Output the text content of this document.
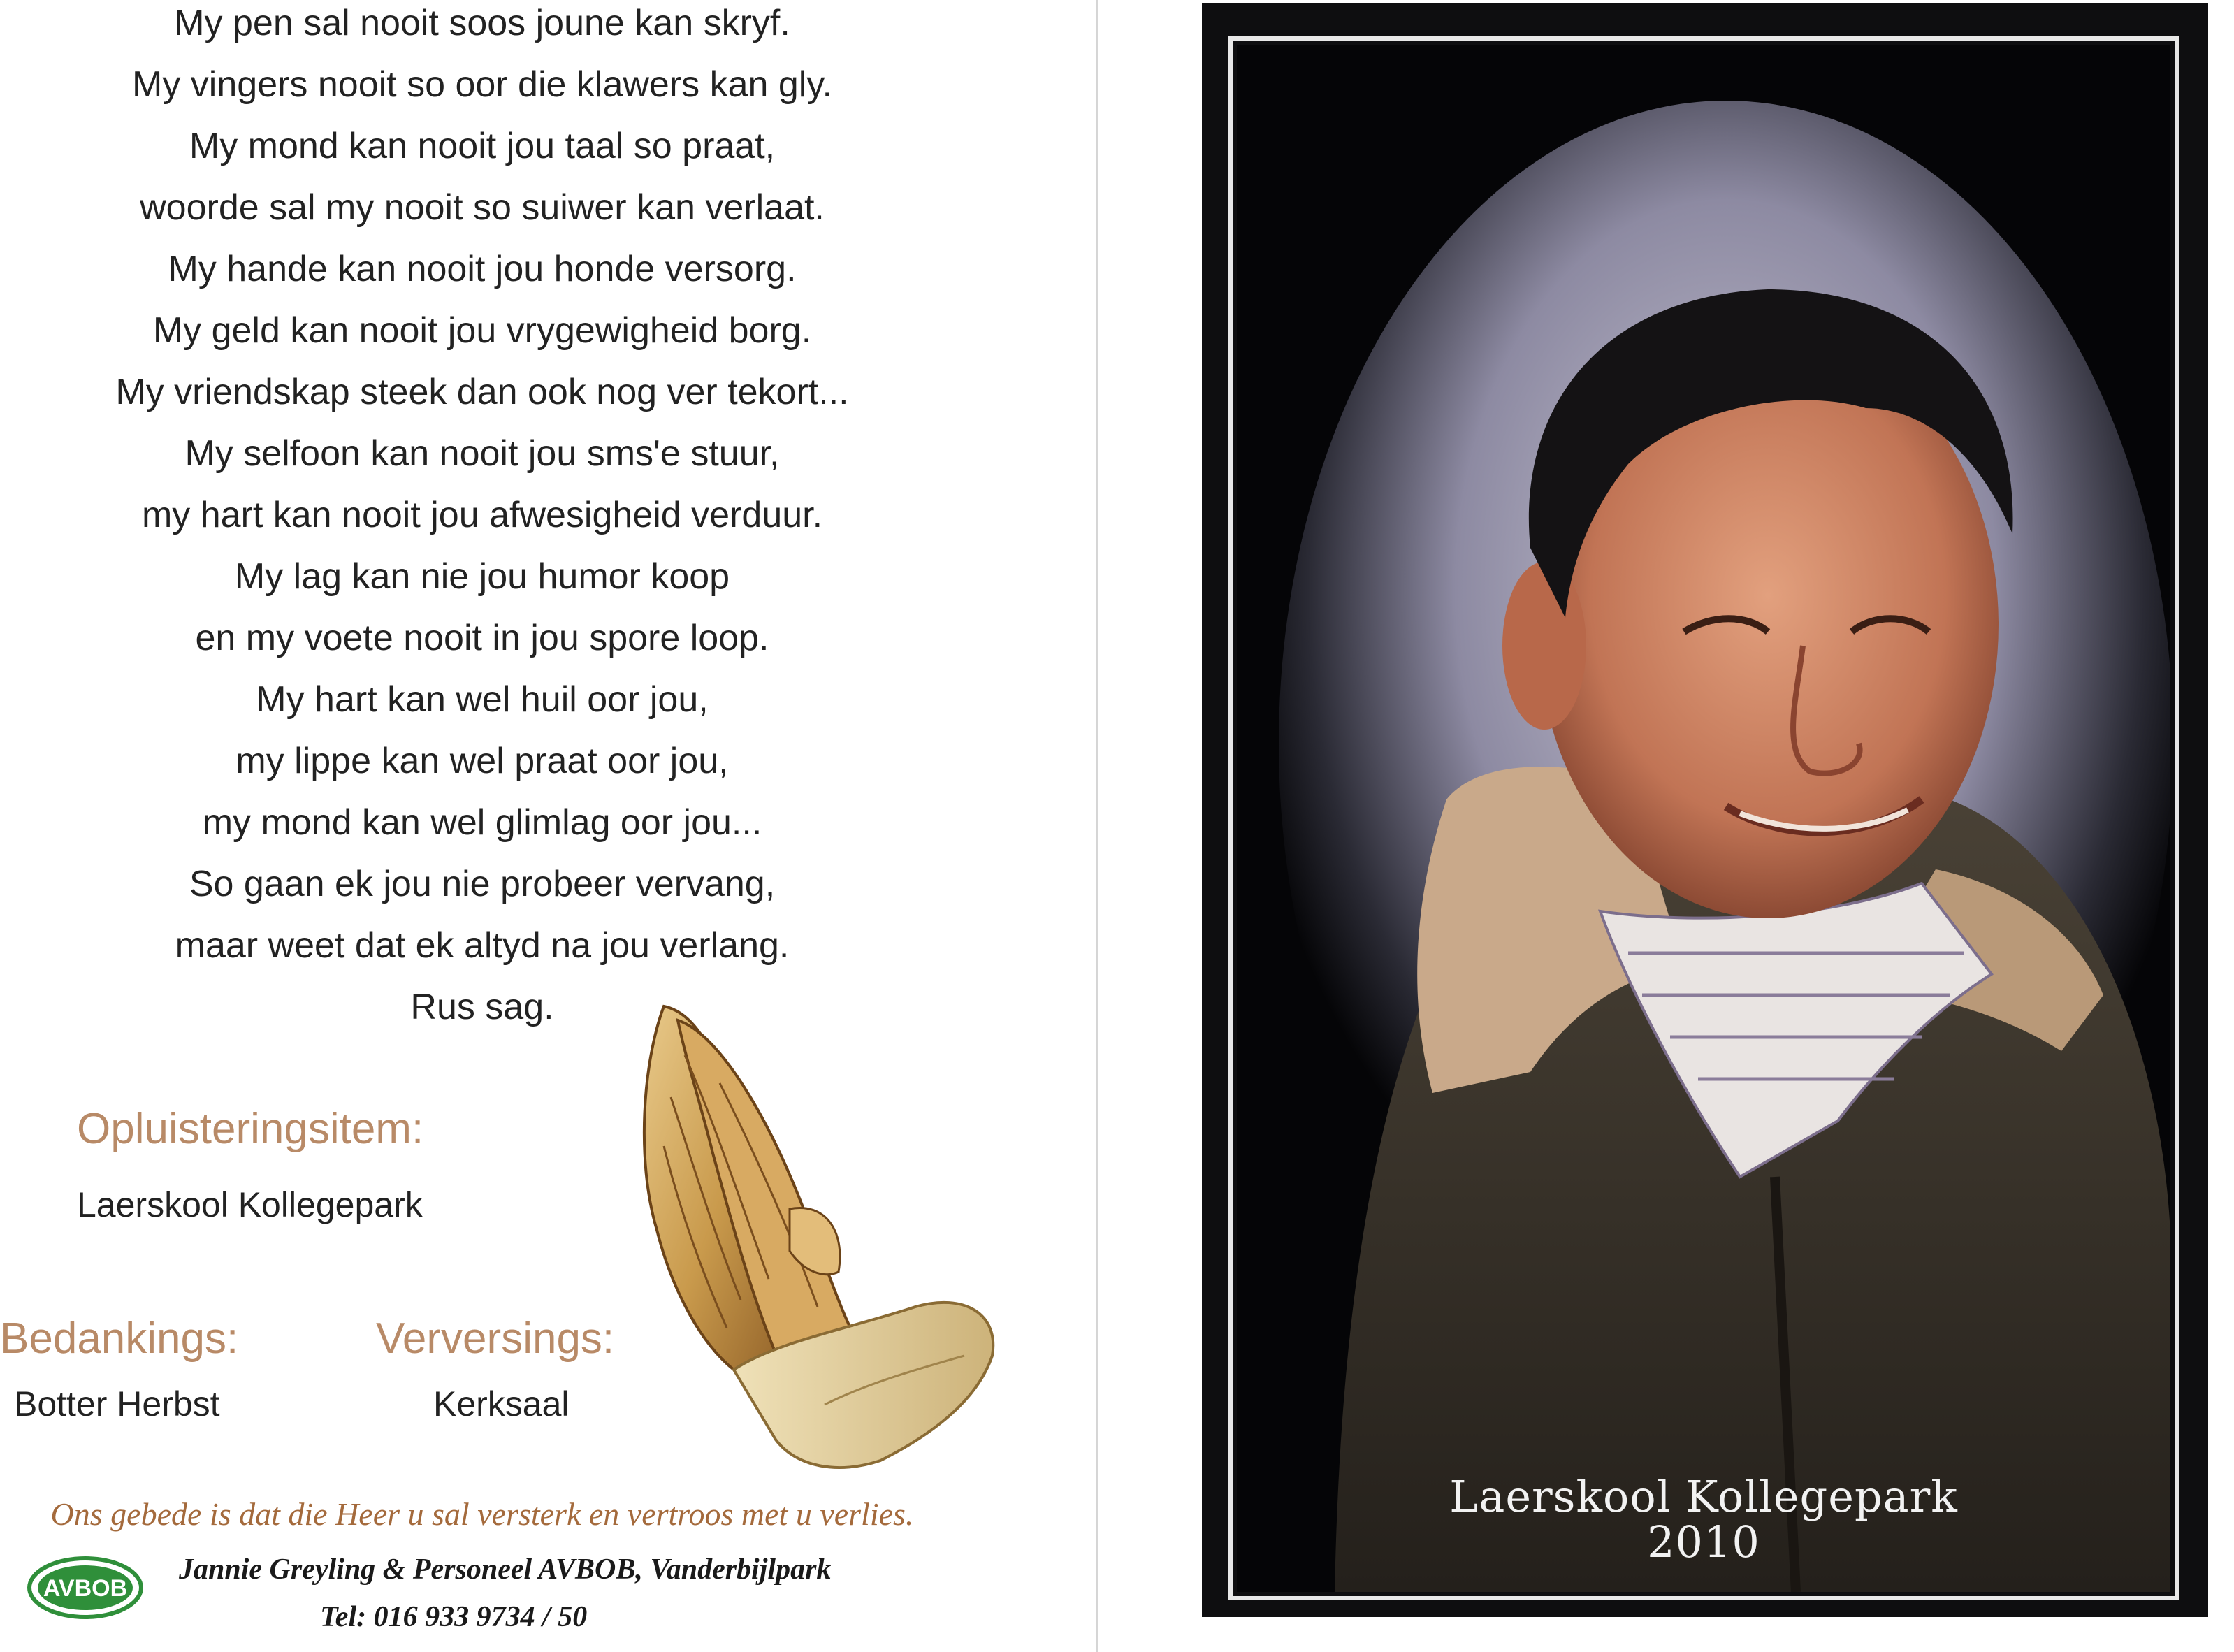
My pen sal nooit soos joune kan skryf.
My vingers nooit so oor die klawers kan gly.
My mond kan nooit jou taal so praat,
woorde sal my nooit so suiwer kan verlaat.
My hande kan nooit jou honde versorg.
My geld kan nooit jou vrygewigheid borg.
My vriendskap steek dan ook nog ver tekort...
My selfoon kan nooit jou sms'e stuur,
my hart kan nooit jou afwesigheid verduur.
My lag kan nie jou humor koop
en my voete nooit in jou spore loop.
My hart kan wel huil oor jou,
my lippe kan wel praat oor jou,
my mond kan wel glimlag oor jou...
So gaan ek jou nie probeer vervang,
maar weet dat ek altyd na jou verlang.
Rus sag.
Opluisteringsitem:
Laerskool Kollegepark
Bedankings:
Botter Herbst
Verversings:
Kerksaal
Ons gebede is dat die Heer u sal versterk en vertroos met u verlies.
AVBOB
Jannie Greyling & Personeel AVBOB, Vanderbijlpark
Tel: 016 933 9734 / 50
Laerskool Kollegepark
2010
